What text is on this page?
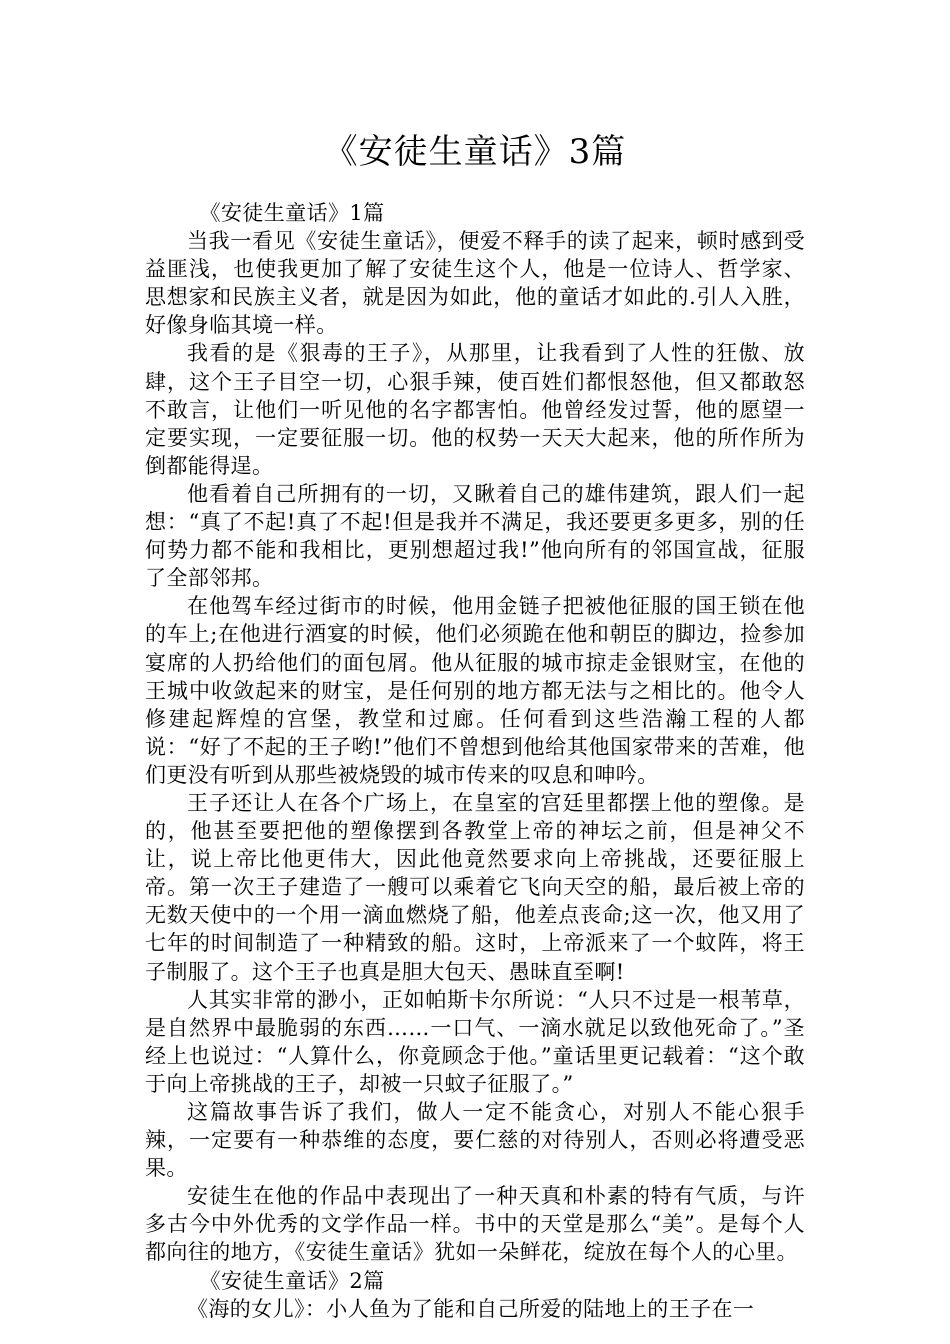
《安徒生童话》3篇

《安徒生童话》1篇

当我一看见《安徒生童话》，便爱不释手的读了起来，顿时感到受益匪浅，也使我更加了解了安徒生这个人，他是一位诗人、哲学家、思想家和民族主义者，就是因为如此，他的童话才如此的.引人入胜，好像身临其境一样。

我看的是《狠毒的王子》，从那里，让我看到了人性的狂傲、放肆，这个王子目空一切，心狠手辣，使百姓们都恨怒他，但又都敢怒不敢言，让他们一听见他的名字都害怕。他曾经发过誓，他的愿望一定要实现，一定要征服一切。他的权势一天天大起来，他的所作所为倒都能得逞。

他看着自己所拥有的一切，又瞅着自己的雄伟建筑，跟人们一起想：“真了不起!真了不起!但是我并不满足，我还要更多更多，别的任何势力都不能和我相比，更别想超过我!”他向所有的邻国宣战，征服了全部邻邦。

在他驾车经过街市的时候，他用金链子把被他征服的国王锁在他的车上;在他进行酒宴的时候，他们必须跪在他和朝臣的脚边，捡参加宴席的人扔给他们的面包屑。他从征服的城市掠走金银财宝，在他的王城中收敛起来的财宝，是任何别的地方都无法与之相比的。他令人修建起辉煌的宫堡，教堂和过廊。任何看到这些浩瀚工程的人都说：“好了不起的王子哟!”他们不曾想到他给其他国家带来的苦难，他们更没有听到从那些被烧毁的城市传来的叹息和呻吟。

王子还让人在各个广场上，在皇室的宫廷里都摆上他的塑像。是的，他甚至要把他的塑像摆到各教堂上帝的神坛之前，但是神父不让，说上帝比他更伟大，因此他竟然要求向上帝挑战，还要征服上帝。第一次王子建造了一艘可以乘着它飞向天空的船，最后被上帝的无数天使中的一个用一滴血燃烧了船，他差点丧命;这一次，他又用了七年的时间制造了一种精致的船。这时，上帝派来了一个蚊阵，将王子制服了。这个王子也真是胆大包天、愚昧直至啊!

人其实非常的渺小，正如帕斯卡尔所说：“人只不过是一根苇草，是自然界中最脆弱的东西……一口气、一滴水就足以致他死命了。”圣经上也说过：“人算什么，你竟顾念于他。”童话里更记载着：“这个敢于向上帝挑战的王子，却被一只蚊子征服了。”

这篇故事告诉了我们，做人一定不能贪心，对别人不能心狠手辣，一定要有一种恭维的态度，要仁慈的对待别人，否则必将遭受恶果。

安徒生在他的作品中表现出了一种天真和朴素的特有气质，与许多古今中外优秀的文学作品一样。书中的天堂是那么“美”。是每个人都向往的地方，《安徒生童话》犹如一朵鲜花，绽放在每个人的心里。

《安徒生童话》2篇

《海的女儿》：小人鱼为了能和自己所爱的陆地上的王子在一
